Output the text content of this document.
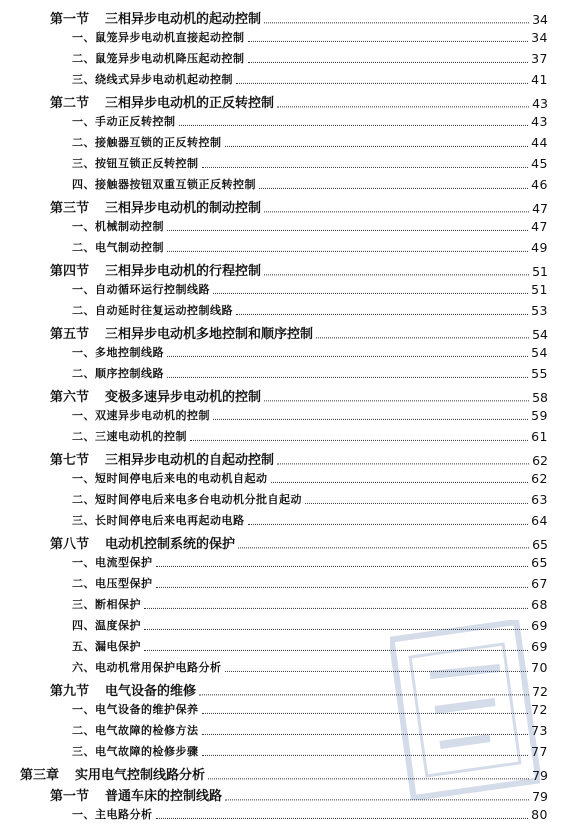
第一节 三相异步电动机的起动控制	34
一、鼠笼异步电动机直接起动控制	34
二、鼠笼异步电动机降压起动控制	37
三、绕线式异步电动机起动控制	41
第二节 三相异步电动机的正反转控制	43
一、手动正反转控制	43
二、接触器互锁的正反转控制	44
三、按钮互锁正反转控制	45
四、接触器按钮双重互锁正反转控制	46
第三节 三相异步电动机的制动控制	47
一、机械制动控制	47
二、电气制动控制	49
第四节 三相异步电动机的行程控制	51
一、自动循环运行控制线路	51
二、自动延时往复运动控制线路	53
第五节 三相异步电动机多地控制和顺序控制	54
一、多地控制线路	54
二、顺序控制线路	55
第六节 变极多速异步电动机的控制	58
一、双速异步电动机的控制	59
二、三速电动机的控制	61
第七节 三相异步电动机的自起动控制	62
一、短时间停电后来电的电动机自起动	62
二、短时间停电后来电多台电动机分批自起动	63
三、长时间停电后来电再起动电路	64
第八节 电动机控制系统的保护	65
一、电流型保护	65
二、电压型保护	67
三、断相保护	68
四、温度保护	69
五、漏电保护	69
六、电动机常用保护电路分析	70
第九节 电气设备的维修	72
一、电气设备的维护保养	72
二、电气故障的检修方法	73
三、电气故障的检修步骤	77
第三章 实用电气控制线路分析	79
第一节 普通车床的控制线路	79
一、主电路分析	80
